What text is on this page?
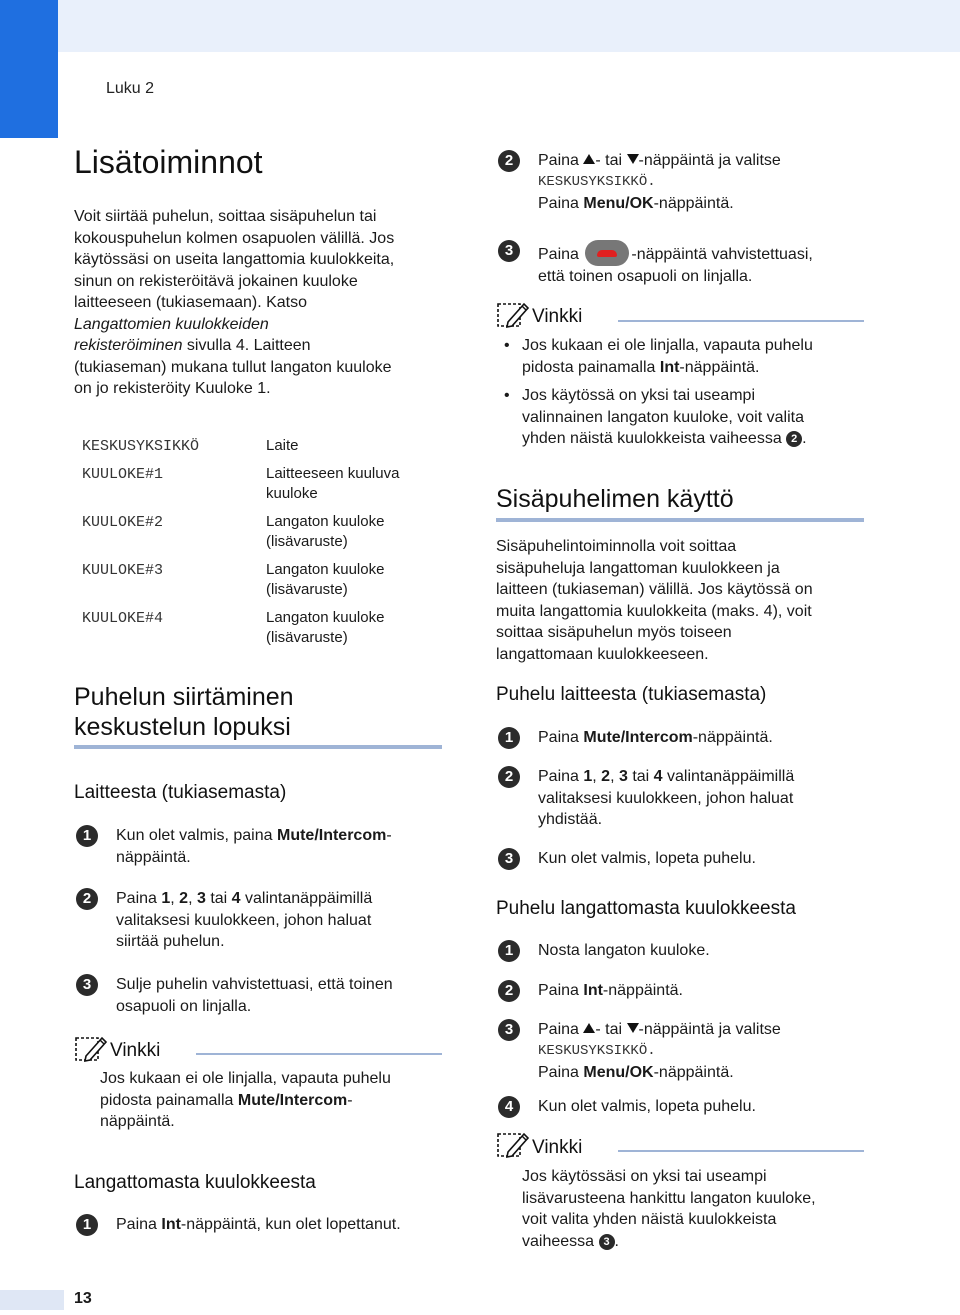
Luku 2
Lisätoiminnot
Voit siirtää puhelun, soittaa sisäpuhelun tai
kokouspuhelun kolmen osapuolen välillä. Jos
käytössäsi on useita langattomia kuulokkeita,
sinun on rekisteröitävä jokainen kuuloke
laitteeseen (tukiasemaan). Katso
Langattomien kuulokkeiden
rekisteröiminen sivulla 4. Laitteen
(tukiaseman) mukana tullut langaton kuuloke
on jo rekisteröity Kuuloke 1.
KESKUSYKSIKKÖ	Laite
KUULOKE#1	Laitteeseen kuuluva
kuuloke
KUULOKE#2	Langaton kuuloke
(lisävaruste)
KUULOKE#3	Langaton kuuloke
(lisävaruste)
KUULOKE#4	Langaton kuuloke
(lisävaruste)
Puhelun siirtäminen
keskustelun lopuksi
Laitteesta (tukiasemasta)
1	Kun olet valmis, paina Mute/Intercom-
näppäintä.
2	Paina 1, 2, 3 tai 4 valintanäppäimillä
valitaksesi kuulokkeen, johon haluat
siirtää puhelun.
3	Sulje puhelin vahvistettuasi, että toinen
osapuoli on linjalla.
Vinkki
Jos kukaan ei ole linjalla, vapauta puhelu
pidosta painamalla Mute/Intercom-
näppäintä.
Langattomasta kuulokkeesta
1	Paina Int-näppäintä, kun olet lopettanut.
2	Paina - tai -näppäintä ja valitse
KESKUSYKSIKKÖ.
Paina Menu/OK-näppäintä.
3	Paina	-näppäintä vahvistettuasi,
että toinen osapuoli on linjalla.
Vinkki
• Jos kukaan ei ole linjalla, vapauta puhelu
pidosta painamalla Int-näppäintä.
• Jos käytössä on yksi tai useampi
valinnainen langaton kuuloke, voit valita
yhden näistä kuulokkeista vaiheessa 2 .
Sisäpuhelimen käyttö
Sisäpuhelintoiminnolla voit soittaa
sisäpuheluja langattoman kuulokkeen ja
laitteen (tukiaseman) välillä. Jos käytössä on
muita langattomia kuulokkeita (maks. 4), voit
soittaa sisäpuhelun myös toiseen
langattomaan kuulokkeeseen.
Puhelu laitteesta (tukiasemasta)
1	Paina Mute/Intercom-näppäintä.
2	Paina 1, 2, 3 tai 4 valintanäppäimillä
valitaksesi kuulokkeen, johon haluat
yhdistää.
3	Kun olet valmis, lopeta puhelu.
Puhelu langattomasta kuulokkeesta
1	Nosta langaton kuuloke.
2	Paina Int-näppäintä.
3	Paina - tai -näppäintä ja valitse
KESKUSYKSIKKÖ.
Paina Menu/OK-näppäintä.
4	Kun olet valmis, lopeta puhelu.
Vinkki
Jos käytössäsi on yksi tai useampi
lisävarusteena hankittu langaton kuuloke,
voit valita yhden näistä kuulokkeista
vaiheessa 3 .
13
